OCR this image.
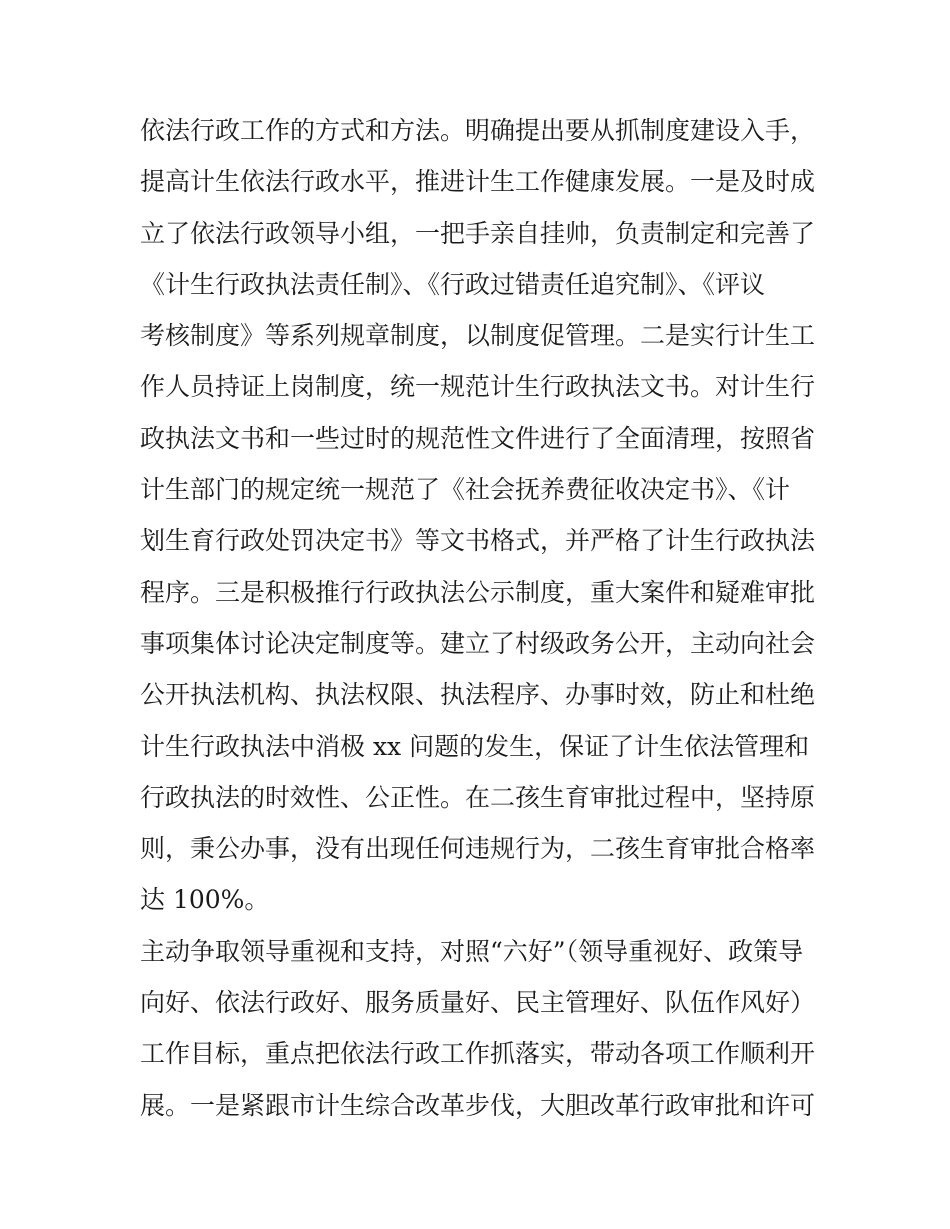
依法行政工作的方式和方法。明确提出要从抓制度建设入手，
提高计生依法行政水平，推进计生工作健康发展。一是及时成
立了依法行政领导小组，一把手亲自挂帅，负责制定和完善了
《计生行政执法责任制》、《行政过错责任追究制》、《评议
考核制度》等系列规章制度，以制度促管理。二是实行计生工
作人员持证上岗制度，统一规范计生行政执法文书。对计生行
政执法文书和一些过时的规范性文件进行了全面清理，按照省
计生部门的规定统一规范了《社会抚养费征收决定书》、《计
划生育行政处罚决定书》等文书格式，并严格了计生行政执法
程序。三是积极推行行政执法公示制度，重大案件和疑难审批
事项集体讨论决定制度等。建立了村级政务公开，主动向社会
公开执法机构、执法权限、执法程序、办事时效，防止和杜绝
计生行政执法中消极 xx 问题的发生，保证了计生依法管理和
行政执法的时效性、公正性。在二孩生育审批过程中，坚持原
则，秉公办事，没有出现任何违规行为，二孩生育审批合格率
达 100%。
主动争取领导重视和支持，对照“六好”（领导重视好、政策导
向好、依法行政好、服务质量好、民主管理好、队伍作风好）
工作目标，重点把依法行政工作抓落实，带动各项工作顺利开
展。一是紧跟市计生综合改革步伐，大胆改革行政审批和许可
